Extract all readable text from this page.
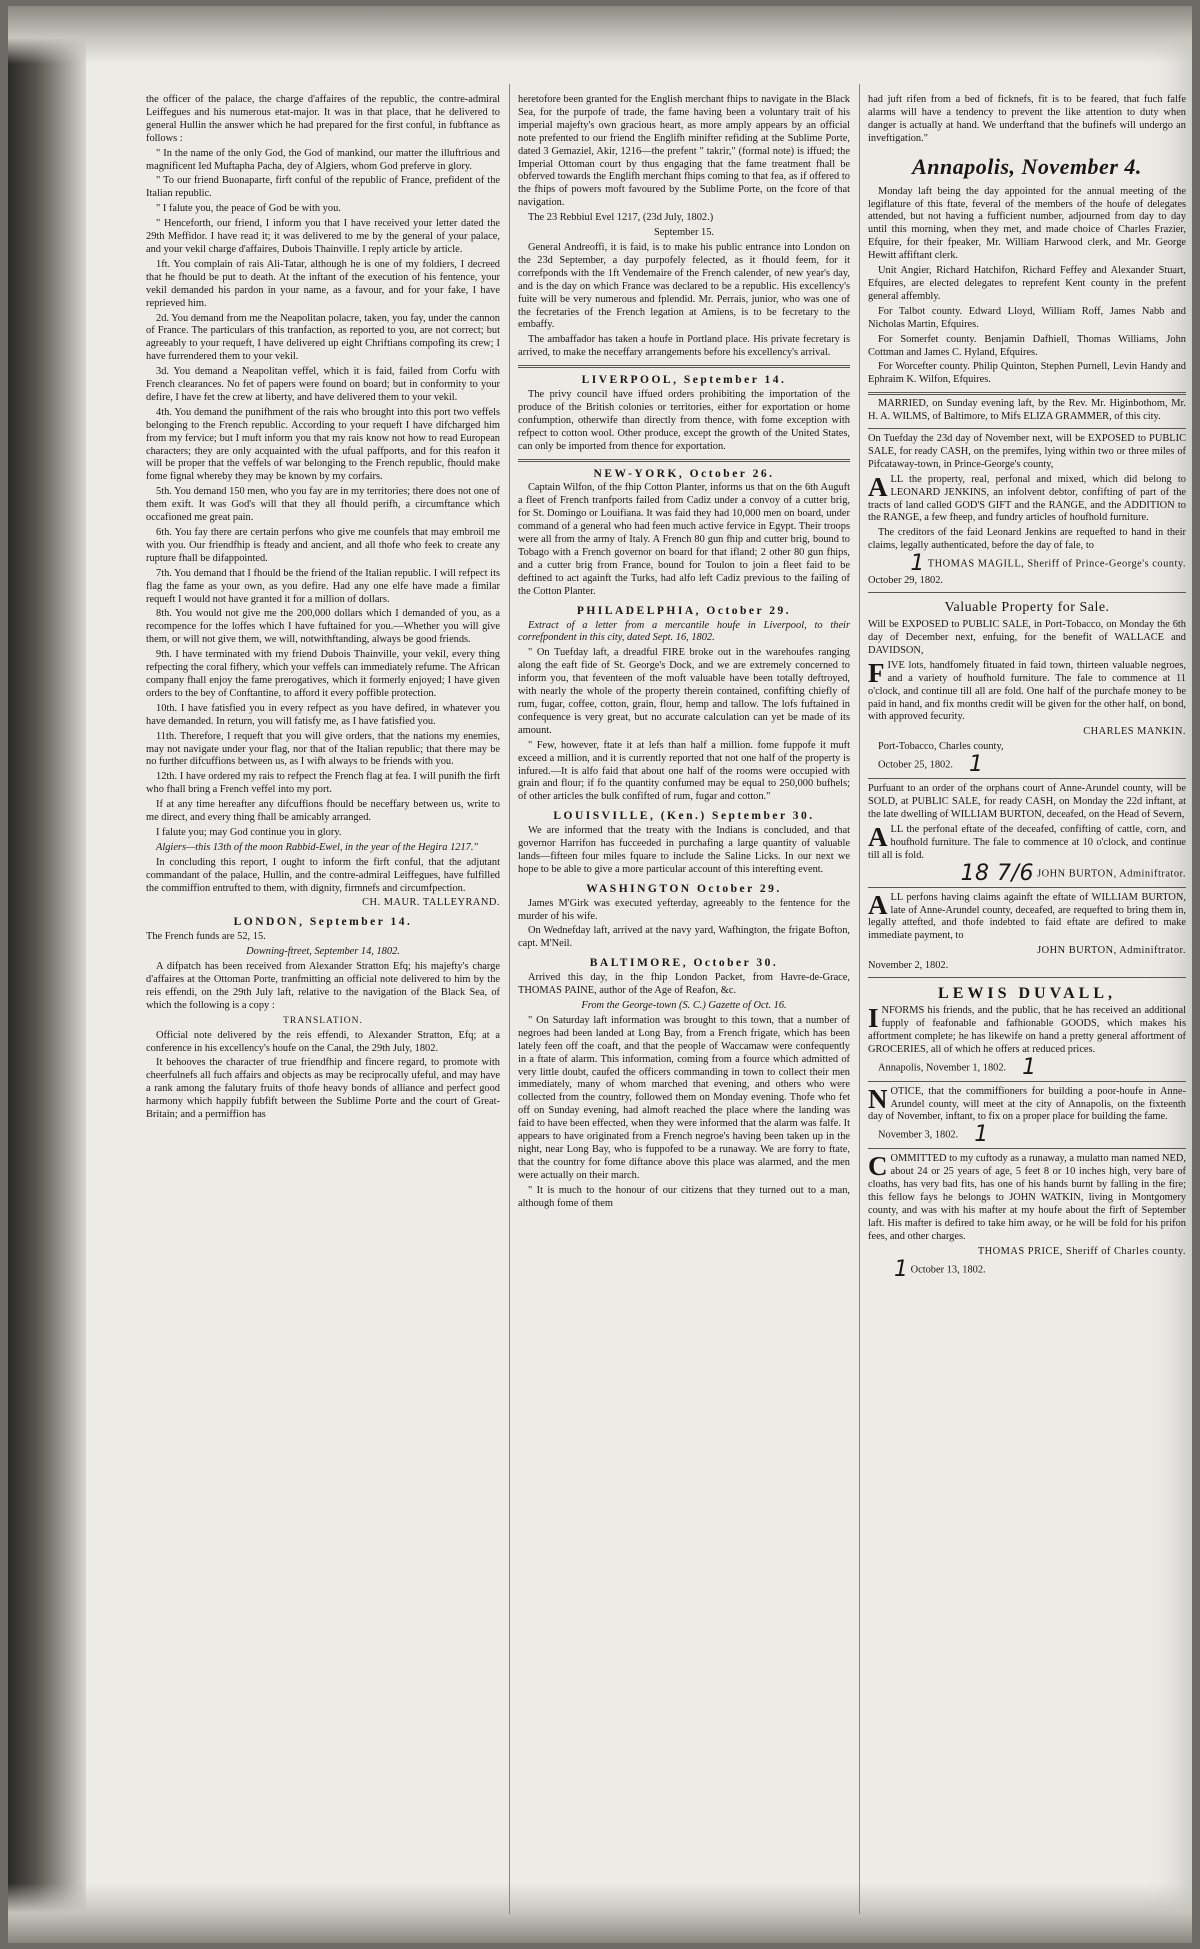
the officer of the palace, the charge d'affaires of the republic, the contre-admiral Leiffegues and his numerous etat-major. It was in that place, that he delivered to general Hullin the answer which he had prepared for the first conful, in fubftance as follows :

" In the name of the only God, the God of mankind, our matter the illuftrious and magnificent Ied Muftapha Pacha, dey of Algiers, whom God preferve in glory.

" To our friend Buonaparte, firft conful of the republic of France, prefident of the Italian republic.

" I falute you, the peace of God be with you.

" Henceforth, our friend, I inform you that I have received your letter dated the 29th Meffidor. I have read it; it was delivered to me by the general of your palace, and your vekil charge d'affaires, Dubois Thainville. I reply article by article.

1ft. You complain of rais Ali-Tatar, although he is one of my foldiers, I decreed that he fhould be put to death. At the inftant of the execution of his fentence, your vekil demanded his pardon in your name, as a favour, and for your fake, I have reprieved him.

2d. You demand from me the Neapolitan polacre, taken, you fay, under the cannon of France. The particulars of this tranfaction, as reported to you, are not correct; but agreeably to your requeft, I have delivered up eight Chriftians compofing its crew; I have furrendered them to your vekil.

3d. You demand a Neapolitan veffel, which it is faid, failed from Corfu with French clearances. No fet of papers were found on board; but in conformity to your defire, I have fet the crew at liberty, and have delivered them to your vekil.

4th. You demand the punifhment of the rais who brought into this port two veffels belonging to the French republic. According to your requeft I have difcharged him from my fervice; but I muft inform you that my rais know not how to read European characters; they are only acquainted with the ufual paffports, and for this reafon it will be proper that the veffels of war belonging to the French republic, fhould make fome fignal whereby they may be known by my corfairs.

5th. You demand 150 men, who you fay are in my territories; there does not one of them exift. It was God's will that they all fhould perifh, a circumftance which occafioned me great pain.

6th. You fay there are certain perfons who give me counfels that may embroil me with you. Our friendfhip is fteady and ancient, and all thofe who feek to create any rupture fhall be difappointed.

7th. You demand that I fhould be the friend of the Italian republic. I will refpect its flag the fame as your own, as you defire. Had any one elfe have made a fimilar requeft I would not have granted it for a million of dollars.

8th. You would not give me the 200,000 dollars which I demanded of you, as a recompence for the loffes which I have fuftained for you.—Whether you will give them, or will not give them, we will, notwithftanding, always be good friends.

9th. I have terminated with my friend Dubois Thainville, your vekil, every thing refpecting the coral fifhery, which your veffels can immediately refume. The African company fhall enjoy the fame prerogatives, which it formerly enjoyed; I have given orders to the bey of Conftantine, to afford it every poffible protection.

10th. I have fatisfied you in every refpect as you have defired, in whatever you have demanded. In return, you will fatisfy me, as I have fatisfied you.

11th. Therefore, I requeft that you will give orders, that the nations my enemies, may not navigate under your flag, nor that of the Italian republic; that there may be no further difcuffions between us, as I wifh always to be friends with you.

12th. I have ordered my rais to refpect the French flag at fea. I will punifh the firft who fhall bring a French veffel into my port.

If at any time hereafter any difcuffions fhould be neceffary between us, write to me direct, and every thing fhall be amicably arranged.

I falute you; may God continue you in glory.

Algiers—this 13th of the moon Rabbid-Ewel, in the year of the Hegira 1217."

In concluding this report, I ought to inform the firft conful, that the adjutant commandant of the palace, Hullin, and the contre-admiral Leiffegues, have fulfilled the commiffion entrufted to them, with dignity, firmnefs and circumfpection.

CH. MAUR. TALLEYRAND.

LONDON, September 14.

The French funds are 52, 15.

Downing-ftreet, September 14, 1802.

A difpatch has been received from Alexander Stratton Efq; his majefty's charge d'affaires at the Ottoman Porte, tranfmitting an official note delivered to him by the reis effendi, on the 29th July laft, relative to the navigation of the Black Sea, of which the following is a copy :

TRANSLATION.

Official note delivered by the reis effendi, to Alexander Stratton, Efq; at a conference in his excellency's houfe on the Canal, the 29th July, 1802.

It behooves the character of true friendfhip and fincere regard, to promote with cheerfulnefs all fuch affairs and objects as may be reciprocally ufeful, and may have a rank among the falutary fruits of thofe heavy bonds of alliance and perfect good harmony which happily fubfift between the Sublime Porte and the court of Great-Britain; and a permiffion has

heretofore been granted for the English merchant fhips to navigate in the Black Sea, for the purpofe of trade, the fame having been a voluntary trait of his imperial majefty's own gracious heart, as more amply appears by an official note prefented to our friend the Englifh minifter refiding at the Sublime Porte, dated 3 Gemaziel, Akir, 1216—the prefent " takrir," (formal note) is iffued; the Imperial Ottoman court by thus engaging that the fame treatment fhall be obferved towards the Englifh merchant fhips coming to that fea, as if offered to the fhips of powers moft favoured by the Sublime Porte, on the fcore of that navigation.

The 23 Rebbiul Evel 1217, (23d July, 1802.)

September 15.

General Andreoffi, it is faid, is to make his public entrance into London on the 23d September, a day purpofely felected, as it fhould feem, for it correfponds with the 1ft Vendemaire of the French calender, of new year's day, and is the day on which France was declared to be a republic. His excellency's fuite will be very numerous and fplendid. Mr. Perrais, junior, who was one of the fecretaries of the French legation at Amiens, is to be fecretary to the embaffy.

The ambaffador has taken a houfe in Portland place. His private fecretary is arrived, to make the neceffary arrangements before his excellency's arrival.

LIVERPOOL, September 14.

The privy council have iffued orders prohibiting the importation of the produce of the British colonies or territories, either for exportation or home confumption, otherwife than directly from thence, with fome exception with refpect to cotton wool. Other produce, except the growth of the United States, can only be imported from thence for exportation.

NEW-YORK, October 26.

Captain Wilfon, of the fhip Cotton Planter, informs us that on the 6th Auguft a fleet of French tranfports failed from Cadiz under a convoy of a cutter brig, for St. Domingo or Louifiana. It was faid they had 10,000 men on board, under command of a general who had feen much active fervice in Egypt. Their troops were all from the army of Italy. A French 80 gun fhip and cutter brig, bound to Tobago with a French governor on board for that ifland; 2 other 80 gun fhips, and a cutter brig from France, bound for Toulon to join a fleet faid to be deftined to act againft the Turks, had alfo left Cadiz previous to the failing of the Cotton Planter.

PHILADELPHIA, October 29.

Extract of a letter from a mercantile houfe in Liverpool, to their correfpondent in this city, dated Sept. 16, 1802.

" On Tuefday laft, a dreadful FIRE broke out in the warehoufes ranging along the eaft fide of St. George's Dock, and we are extremely concerned to inform you, that feventeen of the moft valuable have been totally deftroyed, with nearly the whole of the property therein contained, confifting chiefly of rum, fugar, coffee, cotton, grain, flour, hemp and tallow. The lofs fuftained in confequence is very great, but no accurate calculation can yet be made of its amount.

" Few, however, ftate it at lefs than half a million. fome fuppofe it muft exceed a million, and it is currently reported that not one half of the property is infured.—It is alfo faid that about one half of the rooms were occupied with grain and flour; if fo the quantity confumed may be equal to 250,000 bufhels; of other articles the bulk confifted of rum, fugar and cotton."

LOUISVILLE, (Ken.) September 30.

We are informed that the treaty with the Indians is concluded, and that governor Harrifon has fucceeded in purchafing a large quantity of valuable lands—fifteen four miles fquare to include the Saline Licks. In our next we hope to be able to give a more particular account of this interefting event.

WASHINGTON October 29.

James M'Girk was executed yefterday, agreeably to the fentence for the murder of his wife.

On Wednefday laft, arrived at the navy yard, Wafhington, the frigate Bofton, capt. M'Neil.

BALTIMORE, October 30.

Arrived this day, in the fhip London Packet, from Havre-de-Grace, THOMAS PAINE, author of the Age of Reafon, &c.

From the George-town (S. C.) Gazette of Oct. 16.

" On Saturday laft information was brought to this town, that a number of negroes had been landed at Long Bay, from a French frigate, which has been lately feen off the coaft, and that the people of Waccamaw were confequently in a ftate of alarm. This information, coming from a fource which admitted of very little doubt, caufed the officers commanding in town to collect their men immediately, many of whom marched that evening, and others who were collected from the country, followed them on Monday evening. Thofe who fet off on Sunday evening, had almoft reached the place where the landing was faid to have been effected, when they were informed that the alarm was falfe. It appears to have originated from a French negroe's having been taken up in the night, near Long Bay, who is fuppofed to be a runaway. We are forry to ftate, that the country for fome diftance above this place was alarmed, and the men were actually on their march.

" It is much to the honour of our citizens that they turned out to a man, although fome of them

had juft rifen from a bed of ficknefs, fit is to be feared, that fuch falfe alarms will have a tendency to prevent the like attention to duty when danger is actually at hand. We underftand that the bufinefs will undergo an inveftigation."

Annapolis, November 4.

Monday laft being the day appointed for the annual meeting of the legiflature of this ftate, feveral of the members of the houfe of delegates attended, but not having a fufficient number, adjourned from day to day until this morning, when they met, and made choice of Charles Frazier, Efquire, for their fpeaker, Mr. William Harwood clerk, and Mr. George Hewitt affiftant clerk.

Unit Angier, Richard Hatchifon, Richard Feffey and Alexander Stuart, Efquires, are elected delegates to reprefent Kent county in the prefent general affembly.

For Talbot county. Edward Lloyd, William Roff, James Nabb and Nicholas Martin, Efquires.

For Somerfet county. Benjamin Dafhiell, Thomas Williams, John Cottman and James C. Hyland, Efquires.

For Worcefter county. Philip Quinton, Stephen Purnell, Levin Handy and Ephraim K. Wilfon, Efquires.

MARRIED, on Sunday evening laft, by the Rev. Mr. Higinbothom, Mr. H. A. WILMS, of Baltimore, to Mifs ELIZA GRAMMER, of this city.

On Tuefday the 23d day of November next, will be EXPOSED to PUBLIC SALE, for ready CASH, on the premifes, lying within two or three miles of Pifcataway-town, in Prince-George's county,

ALL the property, real, perfonal and mixed, which did belong to LEONARD JENKINS, an infolvent debtor, confifting of part of the tracts of land called GOD'S GIFT and the RANGE, and the ADDITION to the RANGE, a few fheep, and fundry articles of houfhold furniture.

The creditors of the faid Leonard Jenkins are requefted to hand in their claims, legally authenticated, before the day of fale, to

1 THOMAS MAGILL, Sheriff of Prince-George's county.

October 29, 1802.

Valuable Property for Sale.

Will be EXPOSED to PUBLIC SALE, in Port-Tobacco, on Monday the 6th day of December next, enfuing, for the benefit of WALLACE and DAVIDSON,

FIVE lots, handfomely fituated in faid town, thirteen valuable negroes, and a variety of houfhold furniture. The fale to commence at 11 o'clock, and continue till all are fold. One half of the purchafe money to be paid in hand, and fix months credit will be given for the other half, on bond, with approved fecurity.

CHARLES MANKIN.

Port-Tobacco, Charles county,

October 25, 1802. 1

Purfuant to an order of the orphans court of Anne-Arundel county, will be SOLD, at PUBLIC SALE, for ready CASH, on Monday the 22d inftant, at the late dwelling of WILLIAM BURTON, deceafed, on the Head of Severn,

ALL the perfonal eftate of the deceafed, confifting of cattle, corn, and houfhold furniture. The fale to commence at 10 o'clock, and continue till all is fold.

18 7/6 JOHN BURTON, Adminiftrator.

ALL perfons having claims againft the eftate of WILLIAM BURTON, late of Anne-Arundel county, deceafed, are requefted to bring them in, legally attefted, and thofe indebted to faid eftate are defired to make immediate payment, to

JOHN BURTON, Adminiftrator.

November 2, 1802.

LEWIS DUVALL,

INFORMS his friends, and the public, that he has received an additional fupply of feafonable and fafhionable GOODS, which makes his affortment complete; he has likewife on hand a pretty general affortment of GROCERIES, all of which he offers at reduced prices.

Annapolis, November 1, 1802. 1

NOTICE, that the commiffioners for building a poor-houfe in Anne-Arundel county, will meet at the city of Annapolis, on the fixteenth day of November, inftant, to fix on a proper place for building the fame.

November 3, 1802. 1

COMMITTED to my cuftody as a runaway, a mulatto man named NED, about 24 or 25 years of age, 5 feet 8 or 10 inches high, very bare of cloaths, has very bad fits, has one of his hands burnt by falling in the fire; this fellow fays he belongs to JOHN WATKIN, living in Montgomery county, and was with his mafter at my houfe about the firft of September laft. His mafter is defired to take him away, or he will be fold for his prifon fees, and other charges.

THOMAS PRICE, Sheriff of Charles county.

1 October 13, 1802.
